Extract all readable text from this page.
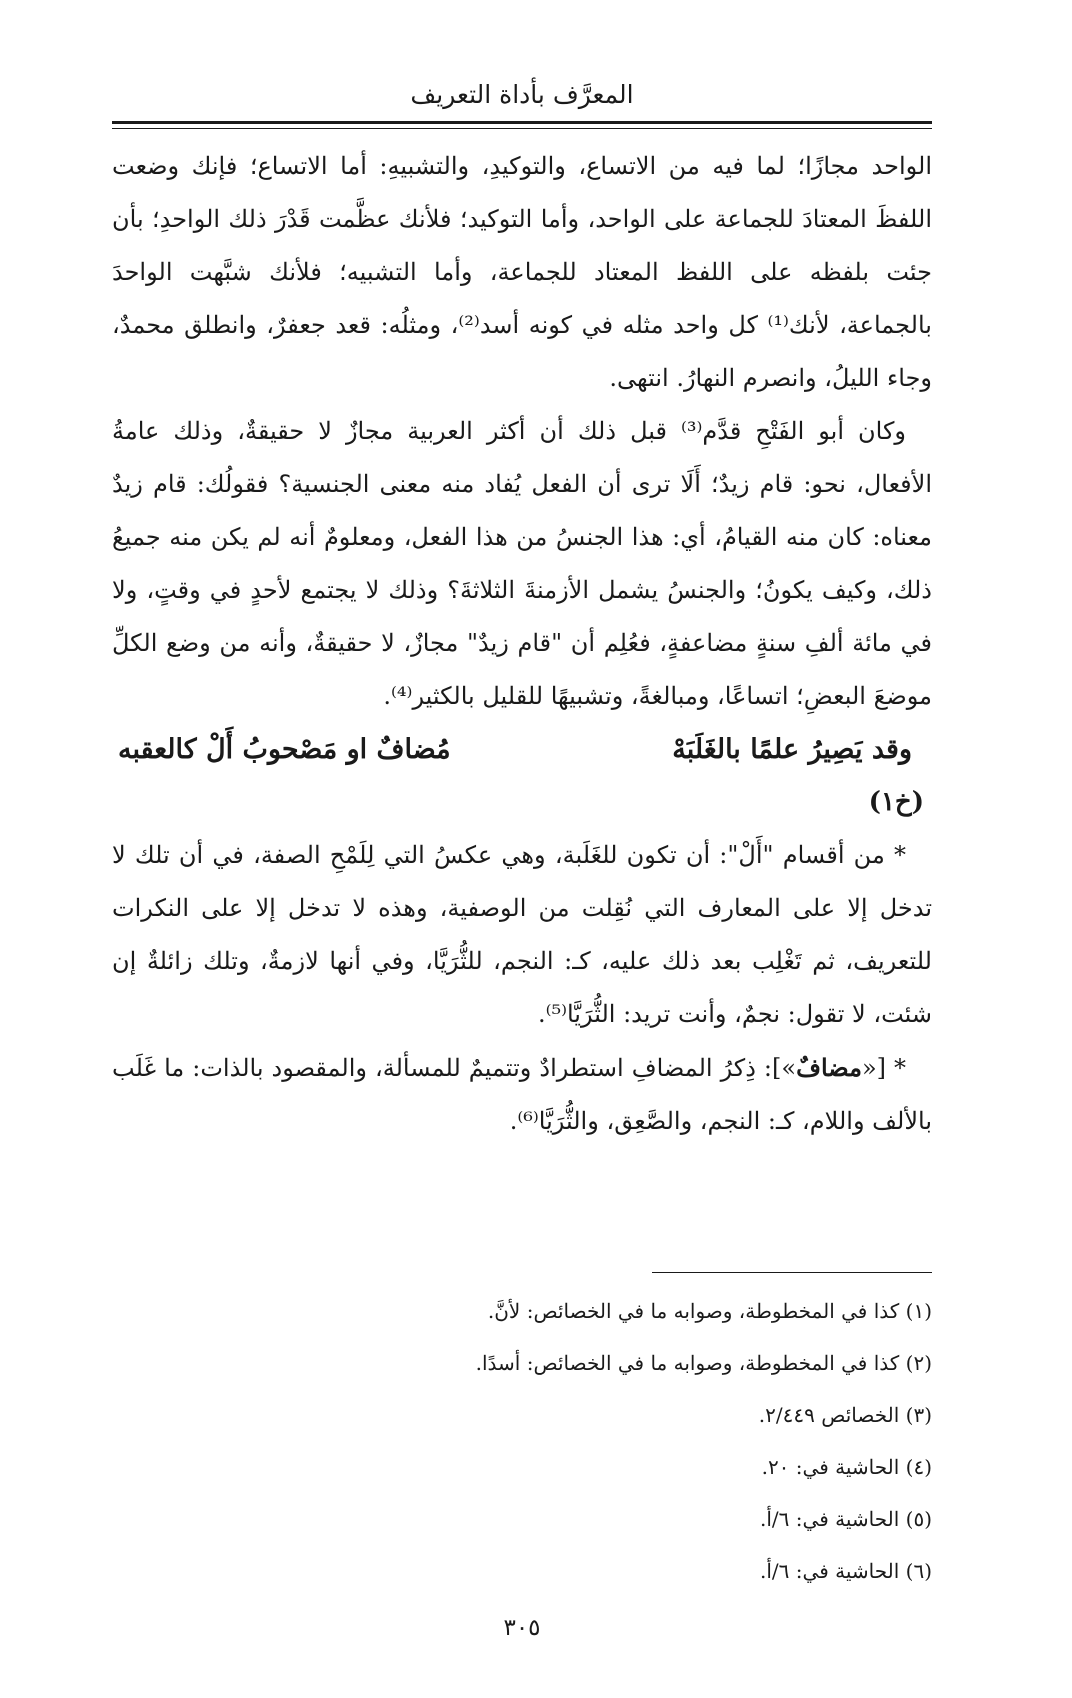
المعرَّف بأداة التعريف

الواحد مجازًا؛ لما فيه من الاتساع، والتوكيدِ، والتشبيهِ: أما الاتساع؛ فإنك وضعت اللفظَ المعتادَ للجماعة على الواحد، وأما التوكيد؛ فلأنك عظَّمت قَدْرَ ذلك الواحدِ؛ بأن جئت بلفظه على اللفظ المعتاد للجماعة، وأما التشبيه؛ فلأنك شبَّهت الواحدَ بالجماعة، لأنك⁽¹⁾ كل واحد مثله في كونه أسد⁽²⁾، ومثلُه: قعد جعفرٌ، وانطلق محمدٌ، وجاء الليلُ، وانصرم النهارُ. انتهى.

وكان أبو الفَتْحِ قدَّم⁽³⁾ قبل ذلك أن أكثر العربية مجازٌ لا حقيقةٌ، وذلك عامةُ الأفعال، نحو: قام زيدٌ؛ أَلَا ترى أن الفعل يُفاد منه معنى الجنسية؟ فقولُك: قام زيدٌ معناه: كان منه القيامُ، أي: هذا الجنسُ من هذا الفعل، ومعلومٌ أنه لم يكن منه جميعُ ذلك، وكيف يكونُ؛ والجنسُ يشمل الأزمنةَ الثلاثةَ؟ وذلك لا يجتمع لأحدٍ في وقتٍ، ولا في مائة ألفِ سنةٍ مضاعفةٍ، فعُلِم أن "قام زيدٌ" مجازٌ، لا حقيقةٌ، وأنه من وضع الكلِّ موضعَ البعضِ؛ اتساعًا، ومبالغةً، وتشبيهًا للقليل بالكثير⁽⁴⁾.

وقد يَصِيرُ علمًا بالغَلَبَهْ
مُضافٌ او مَصْحوبُ أَلْ كالعقبه
(خ١)

* من أقسام "أَلْ": أن تكون للغَلَبة، وهي عكسُ التي لِلَمْحِ الصفة، في أن تلك لا تدخل إلا على المعارف التي نُقِلت من الوصفية، وهذه لا تدخل إلا على النكرات للتعريف، ثم تَغْلِب بعد ذلك عليه، كـ: النجم، للثُّرَيَّا، وفي أنها لازمةٌ، وتلك زائلةٌ إن شئت، لا تقول: نجمٌ، وأنت تريد: الثُّرَيَّا⁽⁵⁾.

* [«مضافٌ»]: ذِكرُ المضافِ استطرادٌ وتتميمٌ للمسألة، والمقصود بالذات: ما غَلَب بالألف واللام، كـ: النجم، والصَّعِق، والثُّرَيَّا⁽⁶⁾.

(١) كذا في المخطوطة، وصوابه ما في الخصائص: لأنَّ.

(٢) كذا في المخطوطة، وصوابه ما في الخصائص: أسدًا.

(٣) الخصائص ٢/٤٤٩.

(٤) الحاشية في: ٢٠.

(٥) الحاشية في: ٦/أ.

(٦) الحاشية في: ٦/أ.

٣٠٥
